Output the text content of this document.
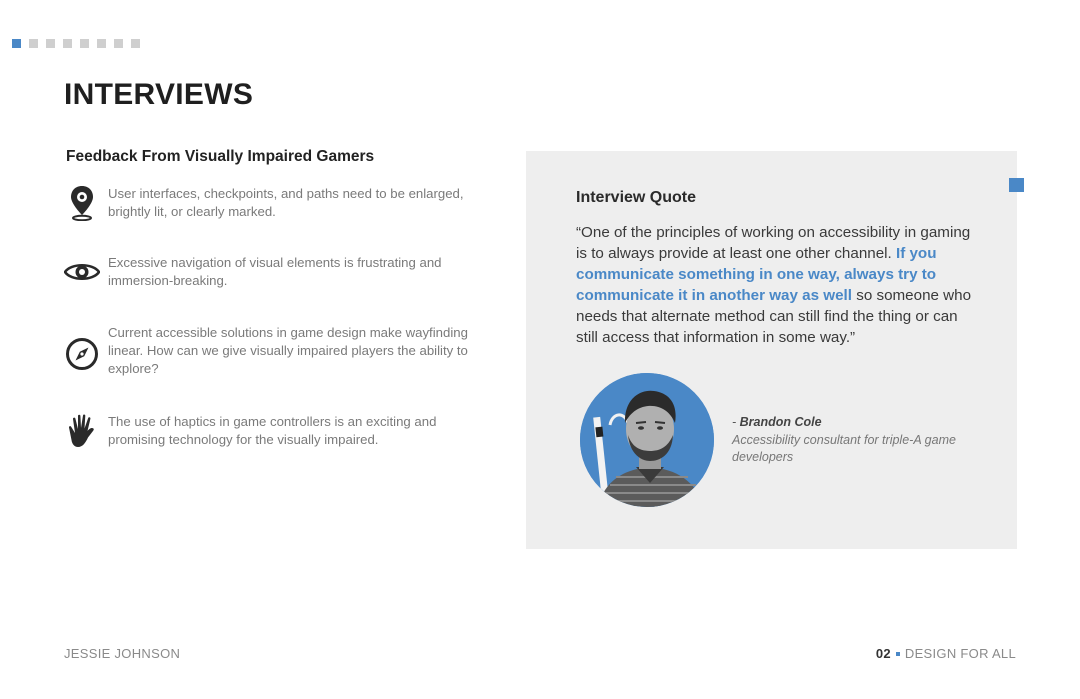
INTERVIEWS
Feedback From Visually Impaired Gamers
User interfaces, checkpoints, and paths need to be enlarged, brightly lit, or clearly marked.
Excessive navigation of visual elements is frustrating and immersion-breaking.
Current accessible solutions in game design make wayfinding linear. How can we give visually impaired players the ability to explore?
The use of haptics in game controllers is an exciting and promising technology for the visually impaired.
Interview Quote

“One of the principles of working on accessibility in gaming is to always provide at least one other channel. If you communicate something in one way, always try to communicate it in another way as well so someone who needs that alternate method can still find the thing or can still access that information in some way.”

- Brandon Cole
Accessibility consultant for triple-A game developers
JESSIE JOHNSON	02 DESIGN FOR ALL
